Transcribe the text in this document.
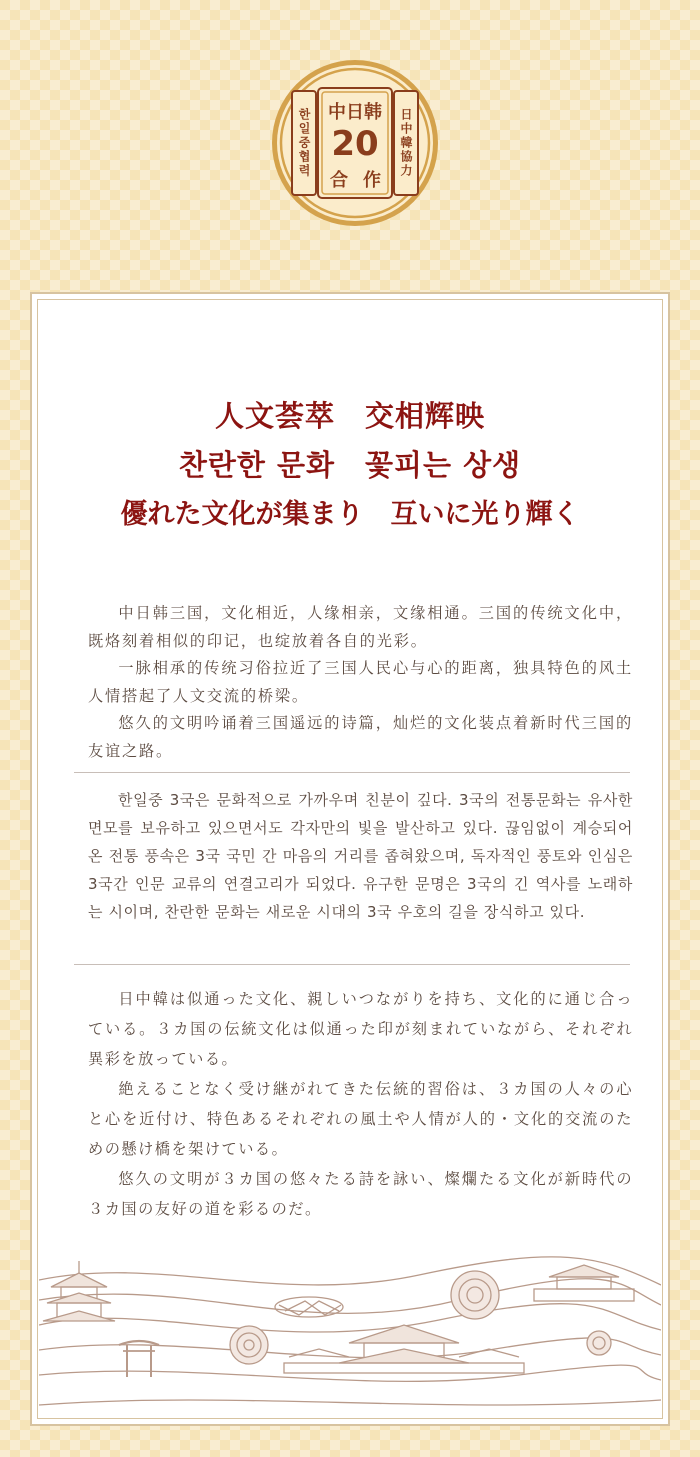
한일중협력	日中韓協力
中日韩
20
合 作
人文荟萃　交相辉映
찬란한 문화　꽃피는 상생
優れた文化が集まり　互いに光り輝く

中日韩三国，文化相近，人缘相亲，文缘相通。三国的传统文化中，既烙刻着相似的印记，也绽放着各自的光彩。

一脉相承的传统习俗拉近了三国人民心与心的距离，独具特色的风土人情搭起了人文交流的桥梁。

悠久的文明吟诵着三国遥远的诗篇，灿烂的文化装点着新时代三国的友谊之路。

한일중 3국은 문화적으로 가까우며 친분이 깊다. 3국의 전통문화는 유사한 면모를 보유하고 있으면서도 각자만의 빛을 발산하고 있다. 끊임없이 계승되어 온 전통 풍속은 3국 국민 간 마음의 거리를 좁혀왔으며, 독자적인 풍토와 인심은 3국간 인문 교류의 연결고리가 되었다. 유구한 문명은 3국의 긴 역사를 노래하는 시이며, 찬란한 문화는 새로운 시대의 3국 우호의 길을 장식하고 있다.

日中韓は似通った文化、親しいつながりを持ち、文化的に通じ合っている。３カ国の伝統文化は似通った印が刻まれていながら、それぞれ異彩を放っている。

絶えることなく受け継がれてきた伝統的習俗は、３カ国の人々の心と心を近付け、特色あるそれぞれの風土や人情が人的・文化的交流のための懸け橋を架けている。

悠久の文明が３カ国の悠々たる詩を詠い、燦爛たる文化が新時代の３カ国の友好の道を彩るのだ。
